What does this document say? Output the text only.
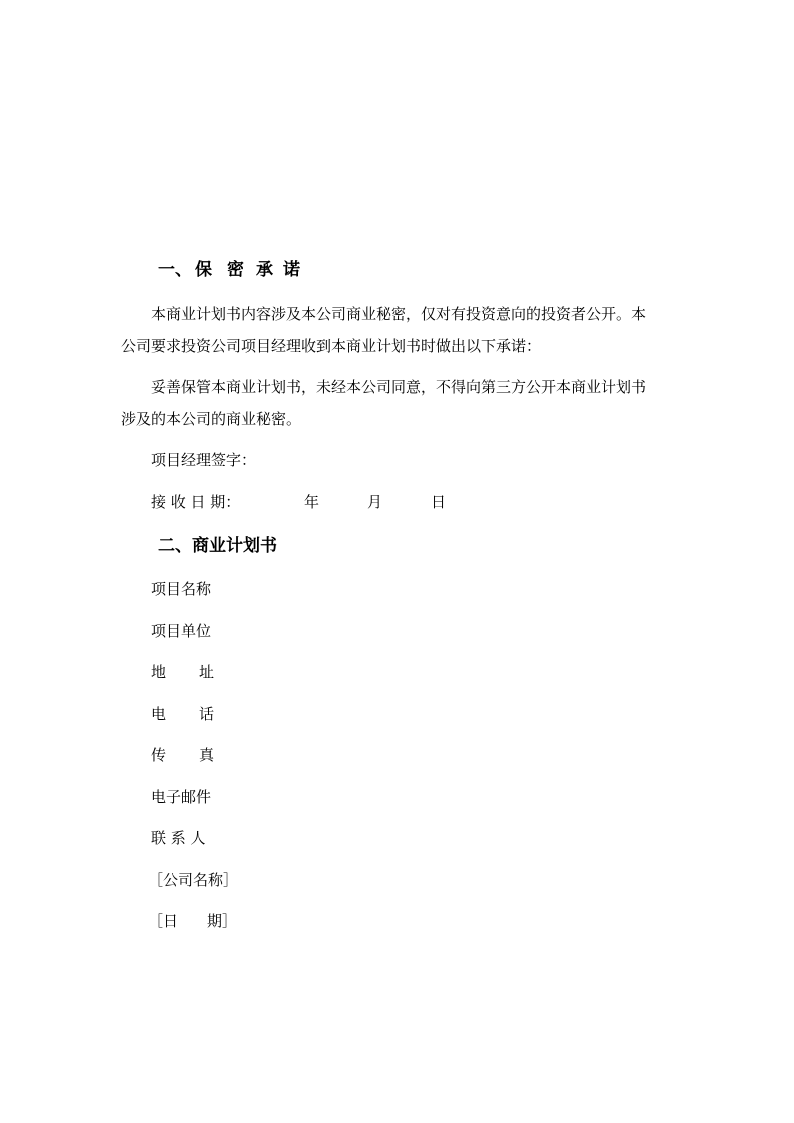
一、 保 密 承 诺
本商业计划书内容涉及本公司商业秘密，仅对有投资意向的投资者公开。本
公司要求投资公司项目经理收到本商业计划书时做出以下承诺：
妥善保管本商业计划书，未经本公司同意，不得向第三方公开本商业计划书
涉及的本公司的商业秘密。
项目经理签字：
接 收 日 期：	年	月	日
二、商业计划书
项目名称
项目单位
地 址
电 话
传 真
电子邮件
联 系 人
［公司名称］
［日 期］
